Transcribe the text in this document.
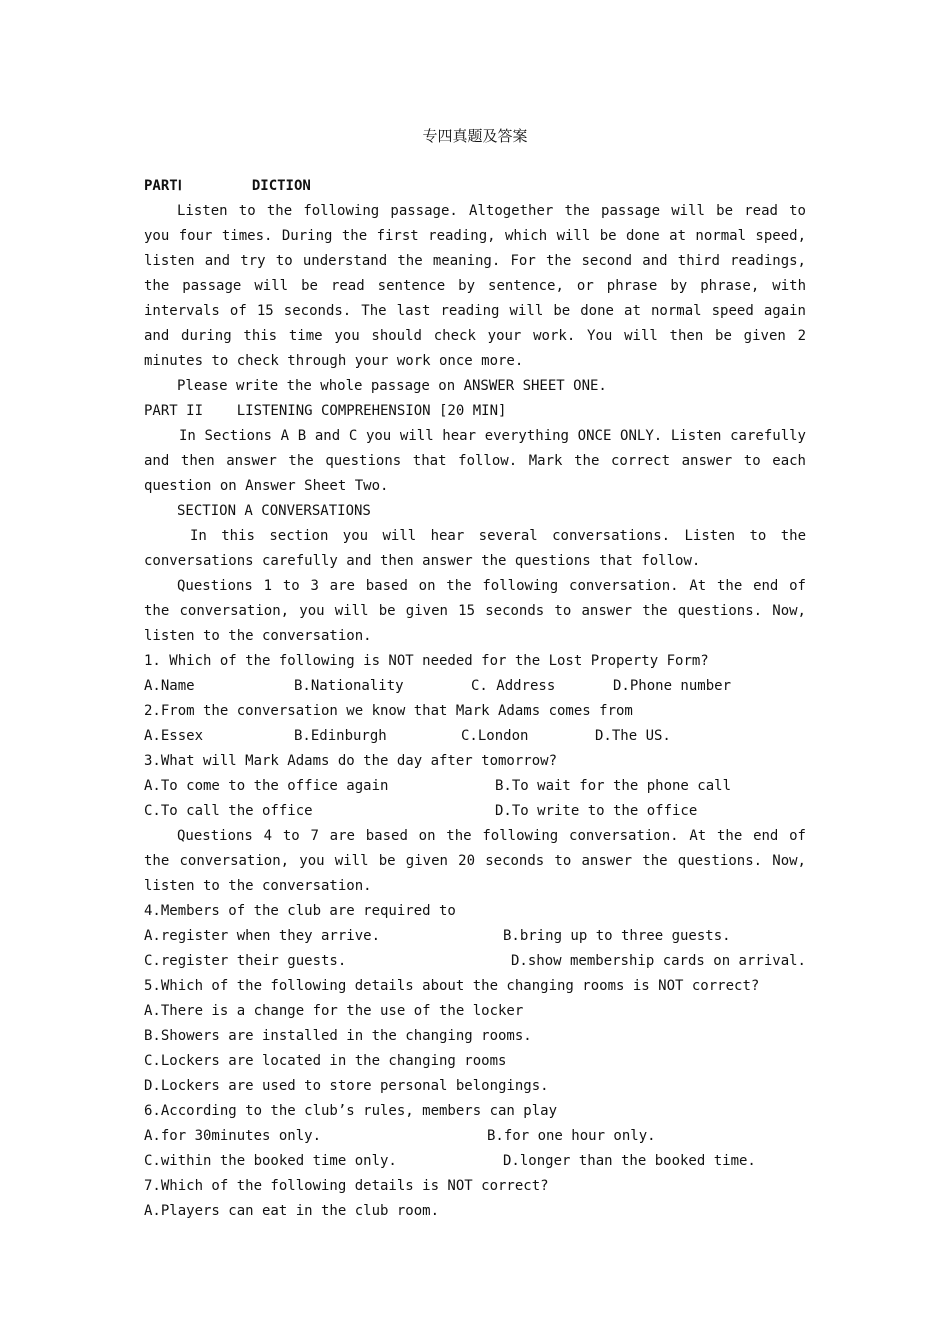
专四真题及答案
PARTⅠ	DICTION

Listen to the following passage. Altogether the passage will be read to you four times. During the first reading, which will be done at normal speed, listen and try to understand the meaning. For the second and third readings, the passage will be read sentence by sentence, or phrase by phrase, with intervals of 15 seconds. The last reading will be done at normal speed again and during this time you should check your work. You will then be given 2 minutes to check through your work once more.

Please write the whole passage on ANSWER SHEET ONE.

PART II    LISTENING COMPREHENSION [20 MIN]

In Sections A B and C you will hear everything ONCE ONLY. Listen carefully and then answer the questions that follow. Mark the correct answer to each question on Answer Sheet Two.

SECTION A CONVERSATIONS

In this section you will hear several conversations. Listen to the conversations carefully and then answer the questions that follow.

Questions 1 to 3 are based on the following conversation. At the end of the conversation, you will be given 15 seconds to answer the questions. Now, listen to the conversation.

1. Which of the following is NOT needed for the Lost Property Form?
A.Name	B.Nationality	C. Address	D.Phone number
2.From the conversation we know that Mark Adams comes from
A.Essex	B.Edinburgh	C.London	D.The US.
3.What will Mark Adams do the day after tomorrow?
A.To come to the office again	B.To wait for the phone call
C.To call the office	D.To write to the office

Questions 4 to 7 are based on the following conversation. At the end of the conversation, you will be given 20 seconds to answer the questions. Now, listen to the conversation.

4.Members of the club are required to
A.register when they arrive.	B.bring up to three guests.
C.register their guests.	D.show membership cards on arrival.
5.Which of the following details about the changing rooms is NOT correct?
A.There is a change for the use of the locker
B.Showers are installed in the changing rooms.
C.Lockers are located in the changing rooms
D.Lockers are used to store personal belongings.
6.According to the club’s rules, members can play
A.for 30minutes only.	B.for one hour only.
C.within the booked time only.	D.longer than the booked time.
7.Which of the following details is NOT correct?
A.Players can eat in the club room.
